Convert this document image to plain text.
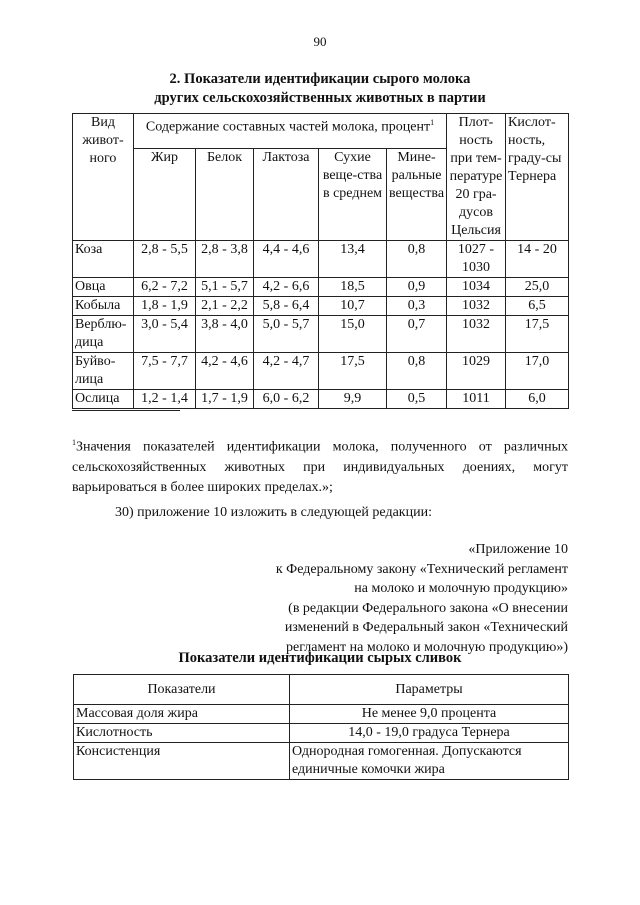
90
2. Показатели идентификации сырого молока
других сельскохозяйственных животных в партии
Вид живот-ного	Содержание составных частей молока, процент$^1$					Плот-ность при тем-пературе 20 гра-дусов Цельсия	Кислот-ность, граду-сы Тернера
	Жир	Белок	Лактоза	Сухие веще-ства в среднем	Мине-ральные вещества		
Коза	2,8 - 5,5	2,8 - 3,8	4,4 - 4,6	13,4	0,8	1027 - 1030	14 - 20
Овца	6,2 - 7,2	5,1 - 5,7	4,2 - 6,6	18,5	0,9	1034	25,0
Кобыла	1,8 - 1,9	2,1 - 2,2	5,8 - 6,4	10,7	0,3	1032	6,5
Верблю-дица	3,0 - 5,4	3,8 - 4,0	5,0 - 5,7	15,0	0,7	1032	17,5
Буйво-лица	7,5 - 7,7	4,2 - 4,6	4,2 - 4,7	17,5	0,8	1029	17,0
Ослица	1,2 - 1,4	1,7 - 1,9	6,0 - 6,2	9,9	0,5	1011	6,0
$^1$Значения показателей идентификации молока, полученного от различных сельскохозяйственных животных при индивидуальных доениях, могут варьироваться в более широких пределах.»;
30) приложение 10 изложить в следующей редакции:
«Приложение 10
к Федеральному закону «Технический регламент
на молоко и молочную продукцию»
(в редакции Федерального закона «О внесении
изменений в Федеральный закон «Технический
регламент на молоко и молочную продукцию»)
Показатели идентификации сырых сливок
Показатели	Параметры
Массовая доля жира	Не менее 9,0 процента
Кислотность	14,0 - 19,0 градуса Тернера
Консистенция	Однородная гомогенная. Допускаются единичные комочки жира
